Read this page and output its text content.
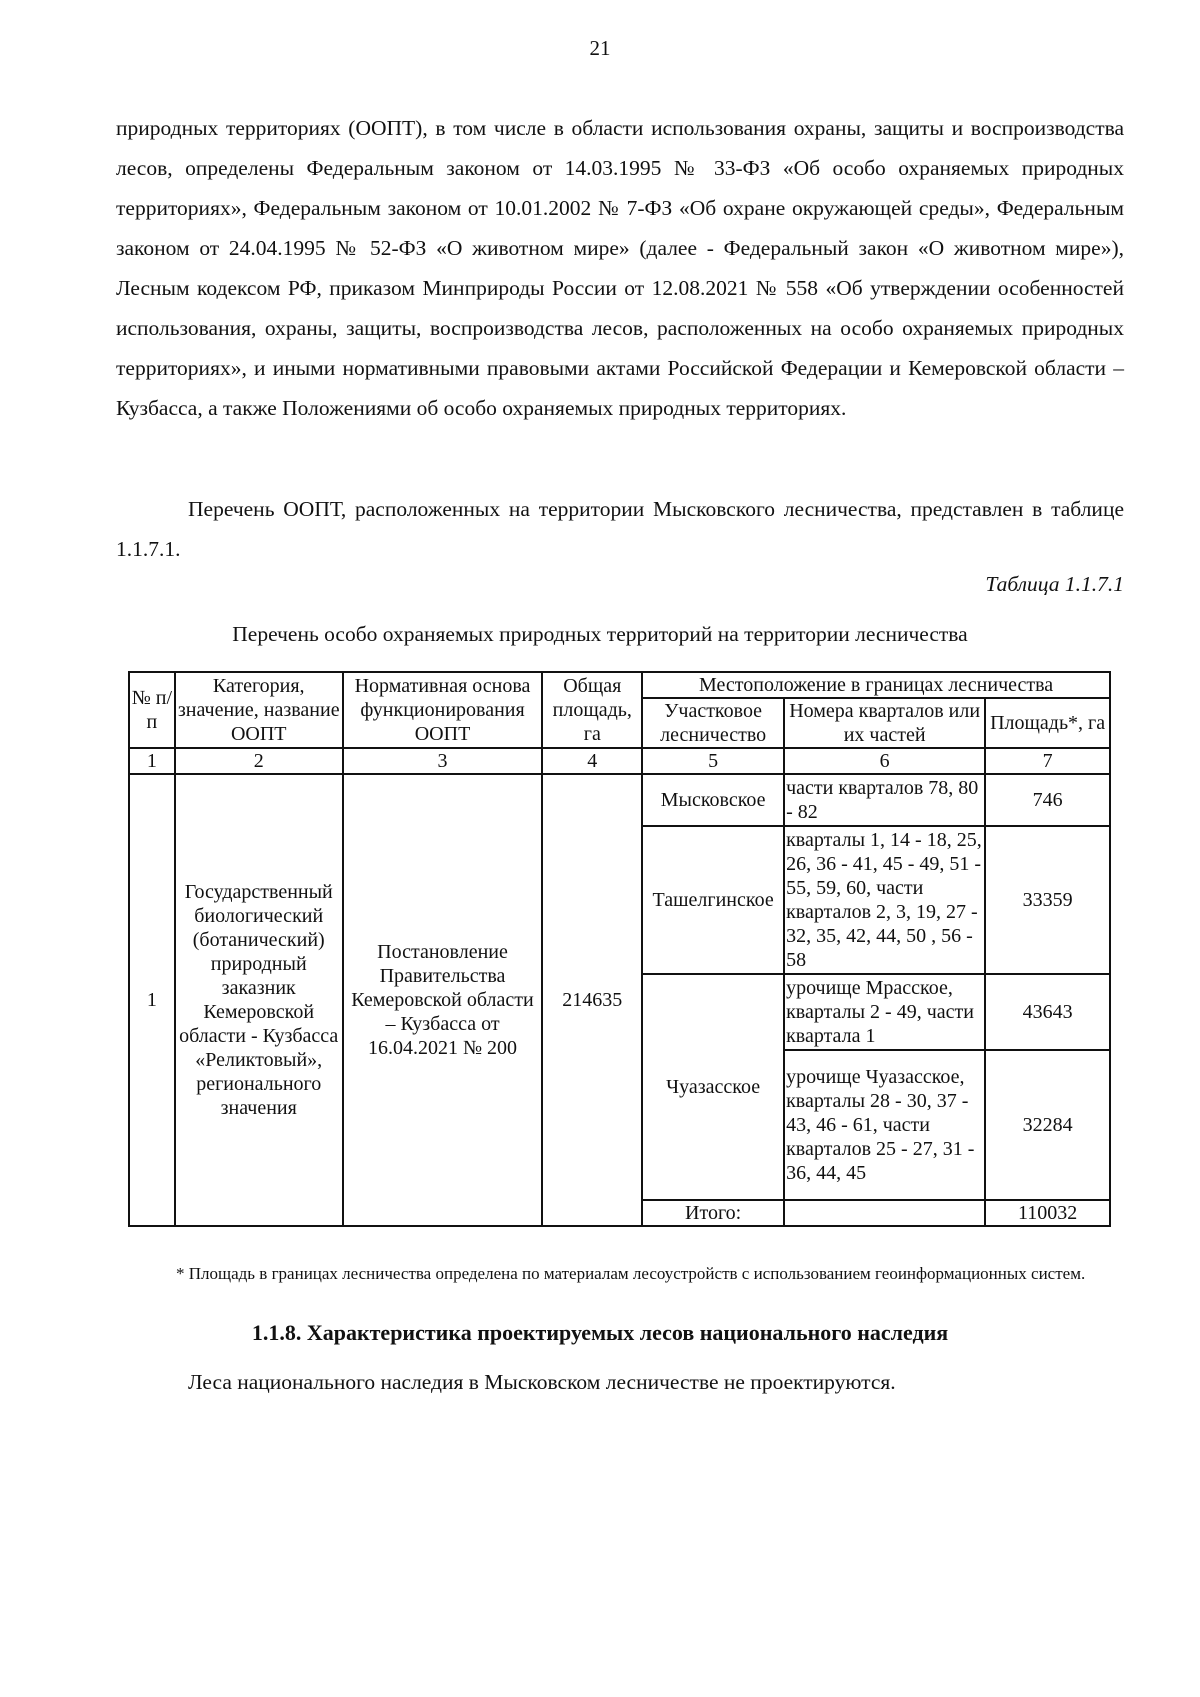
21

природных территориях (ООПТ), в том числе в области использования охраны, защиты и воспроизводства лесов, определены Федеральным законом от 14.03.1995 № 33-ФЗ «Об особо охраняемых природных территориях», Федеральным законом от 10.01.2002 № 7-ФЗ «Об охране окружающей среды», Федеральным законом от 24.04.1995 № 52-ФЗ «О животном мире» (далее - Федеральный закон «О животном мире»), Лесным кодексом РФ, приказом Минприроды России от 12.08.2021 № 558 «Об утверждении особенностей использования, охраны, защиты, воспроизводства лесов, расположенных на особо охраняемых природных территориях», и иными нормативными правовыми актами Российской Федерации и Кемеровской области – Кузбасса, а также Положениями об особо охраняемых природных территориях.

Перечень ООПТ, расположенных на территории Мысковского лесничества, представлен в таблице 1.1.7.1.

Таблица 1.1.7.1
Перечень особо охраняемых природных территорий на территории лесничества
№ п/п	Категория, значение, название ООПТ	Нормативная основа функционирования ООПТ	Общая площадь, га	Местоположение в границах лесничества		
				Участковое лесничество	Номера кварталов или их частей	Площадь*, га
1	2	3	4	5	6	7
1	Государственный биологический (ботанический) природный заказник Кемеровской области - Кузбасса «Реликтовый», регионального значения	Постановление Правительства Кемеровской области – Кузбасса от 16.04.2021 № 200	214635	Мысковское	части кварталов 78, 80 - 82	746
				Ташелгинское	кварталы 1, 14 - 18, 25, 26, 36 - 41, 45 - 49, 51 - 55, 59, 60, части кварталов 2, 3, 19, 27 - 32, 35, 42, 44, 50 , 56 - 58	33359
				Чуазасское	урочище Мрасское, кварталы 2 - 49, части квартала 1	43643
					урочище Чуазасское, кварталы 28 - 30, 37 - 43, 46 - 61, части кварталов 25 - 27, 31 - 36, 44, 45	32284
				Итого:		110032

* Площадь в границах лесничества определена по материалам лесоустройств с использованием геоинформационных систем.

1.1.8. Характеристика проектируемых лесов национального наследия

Леса национального наследия в Мысковском лесничестве не проектируются.
